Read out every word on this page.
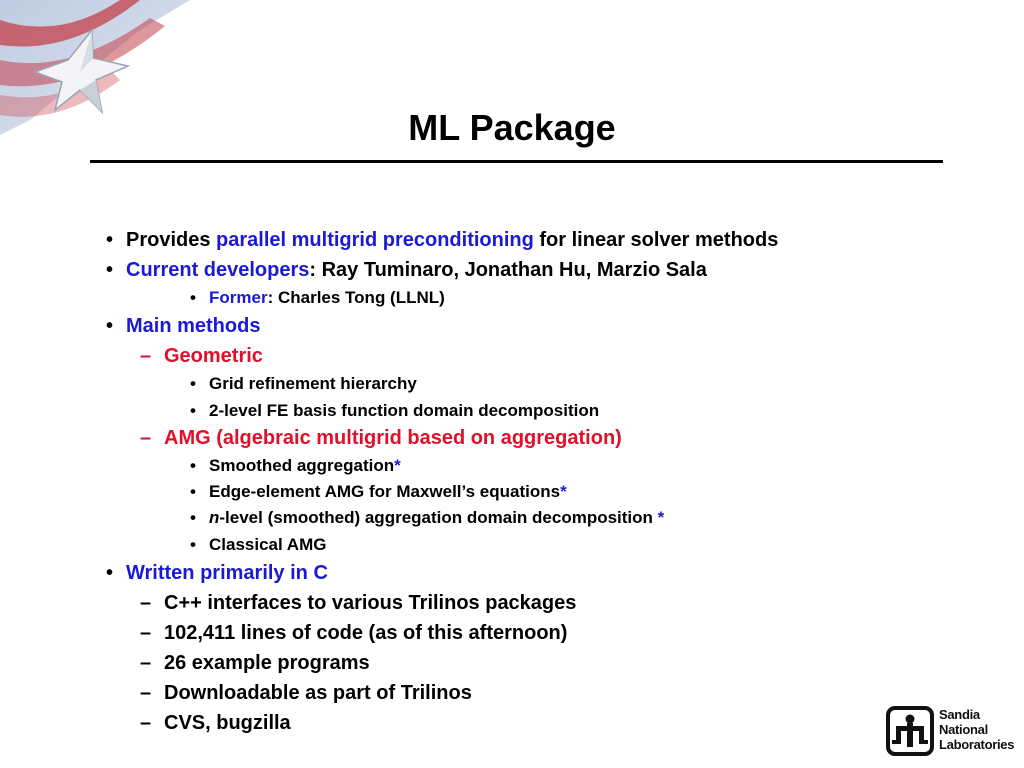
ML Package
• Provides parallel multigrid preconditioning for linear solver methods
• Current developers: Ray Tuminaro, Jonathan Hu, Marzio Sala
• Former: Charles Tong (LLNL)
• Main methods
– Geometric
• Grid refinement hierarchy
• 2-level FE basis function domain decomposition
– AMG (algebraic multigrid based on aggregation)
• Smoothed aggregation*
• Edge-element AMG for Maxwell’s equations*
• n-level (smoothed) aggregation domain decomposition *
• Classical AMG
• Written primarily in C
– C++ interfaces to various Trilinos packages
– 102,411 lines of code (as of this afternoon)
– 26 example programs
– Downloadable as part of Trilinos
– CVS, bugzilla	Sandia
National
Laboratories
